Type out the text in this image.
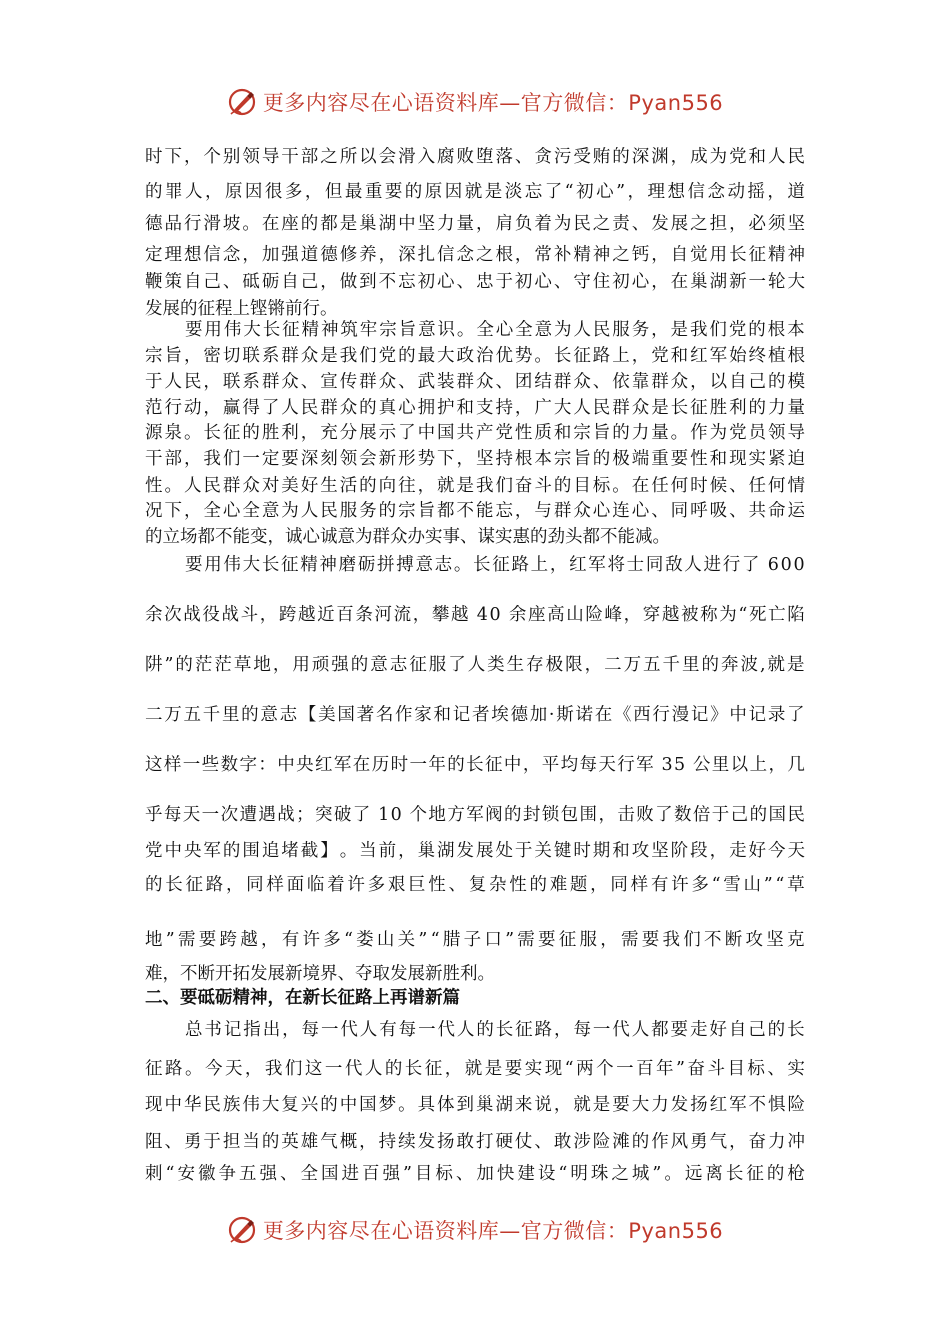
更多内容尽在心语资料库—官方微信：Pyan556
更多内容尽在心语资料库—官方微信：Pyan556
时 下 ， 个 别 领 导 干 部 之 所 以 会 滑 入 腐 败 堕 落 、 贪 污 受 贿 的 深 渊 ， 成 为 党 和 人 民
的 罪 人 ， 原 因 很 多 ， 但 最 重 要 的 原 因 就 是 淡 忘 了 “ 初 心 ” ， 理 想 信 念 动 摇 ， 道
德 品 行 滑 坡 。 在 座 的 都 是 巢 湖 中 坚 力 量 ， 肩 负 着 为 民 之 责 、 发 展 之 担 ， 必 须 坚
定 理 想 信 念 ， 加 强 道 德 修 养 ， 深 扎 信 念 之 根 ， 常 补 精 神 之 钙 ， 自 觉 用 长 征 精 神
鞭 策 自 己 、 砥 砺 自 己 ， 做 到 不 忘 初 心 、 忠 于 初 心 、 守 住 初 心 ， 在 巢 湖 新 一 轮 大
发展的征程上铿锵前行。
要 用 伟 大 长 征 精 神 筑 牢 宗 旨 意 识 。 全 心 全 意 为 人 民 服 务 ， 是 我 们 党 的 根 本
宗 旨 ， 密 切 联 系 群 众 是 我 们 党 的 最 大 政 治 优 势 。 长 征 路 上 ， 党 和 红 军 始 终 植 根
于 人 民 ， 联 系 群 众 、 宣 传 群 众 、 武 装 群 众 、 团 结 群 众 、 依 靠 群 众 ， 以 自 己 的 模
范 行 动 ， 赢 得 了 人 民 群 众 的 真 心 拥 护 和 支 持 ， 广 大 人 民 群 众 是 长 征 胜 利 的 力 量
源 泉 。 长 征 的 胜 利 ， 充 分 展 示 了 中 国 共 产 党 性 质 和 宗 旨 的 力 量 。 作 为 党 员 领 导
干 部 ， 我 们 一 定 要 深 刻 领 会 新 形 势 下 ， 坚 持 根 本 宗 旨 的 极 端 重 要 性 和 现 实 紧 迫
性 。 人 民 群 众 对 美 好 生 活 的 向 往 ， 就 是 我 们 奋 斗 的 目 标 。 在 任 何 时 候 、 任 何 情
况 下 ， 全 心 全 意 为 人 民 服 务 的 宗 旨 都 不 能 忘 ， 与 群 众 心 连 心 、 同 呼 吸 、 共 命 运
的立场都不能变，诚心诚意为群众办实事、谋实惠的劲头都不能减。
要 用 伟 大 长 征 精 神 磨 砺 拼 搏 意 志 。 长 征 路 上 ， 红 军 将 士 同 敌 人 进 行 了 6 0 0
余 次 战 役 战 斗 ， 跨 越 近 百 条 河 流 ， 攀 越 4 0 余 座 高 山 险 峰 ， 穿 越 被 称 为 “ 死 亡 陷
阱 ” 的 茫 茫 草 地 ， 用 顽 强 的 意 志 征 服 了 人 类 生 存 极 限 ， 二 万 五 千 里 的 奔 波 , 就 是
二 万 五 千 里 的 意 志 【 美 国 著 名 作 家 和 记 者 埃 德 加 · 斯 诺 在 《 西 行 漫 记 》 中 记 录 了
这 样 一 些 数 字 ： 中 央 红 军 在 历 时 一 年 的 长 征 中 ， 平 均 每 天 行 军 3 5 公 里 以 上 ， 几
乎 每 天 一 次 遭 遇 战 ； 突 破 了 1 0 个 地 方 军 阀 的 封 锁 包 围 ， 击 败 了 数 倍 于 己 的 国 民
党 中 央 军 的 围 追 堵 截 】 。 当 前 ， 巢 湖 发 展 处 于 关 键 时 期 和 攻 坚 阶 段 ， 走 好 今 天
的 长 征 路 ， 同 样 面 临 着 许 多 艰 巨 性 、 复 杂 性 的 难 题 ， 同 样 有 许 多 “ 雪 山 ” “ 草
地 ” 需 要 跨 越 ， 有 许 多 “ 娄 山 关 ” “ 腊 子 口 ” 需 要 征 服 ， 需 要 我 们 不 断 攻 坚 克
难，不断开拓发展新境界、夺取发展新胜利。
二、要砥砺精神，在新长征路上再谱新篇
总 书 记 指 出 ， 每 一 代 人 有 每 一 代 人 的 长 征 路 ， 每 一 代 人 都 要 走 好 自 己 的 长
征 路 。 今 天 ， 我 们 这 一 代 人 的 长 征 ， 就 是 要 实 现 “ 两 个 一 百 年 ” 奋 斗 目 标 、 实
现 中 华 民 族 伟 大 复 兴 的 中 国 梦 。 具 体 到 巢 湖 来 说 ， 就 是 要 大 力 发 扬 红 军 不 惧 险
阻 、 勇 于 担 当 的 英 雄 气 概 ， 持 续 发 扬 敢 打 硬 仗 、 敢 涉 险 滩 的 作 风 勇 气 ， 奋 力 冲
刺 “ 安 徽 争 五 强 、 全 国 进 百 强 ” 目 标 、 加 快 建 设 “ 明 珠 之 城 ” 。 远 离 长 征 的 枪
